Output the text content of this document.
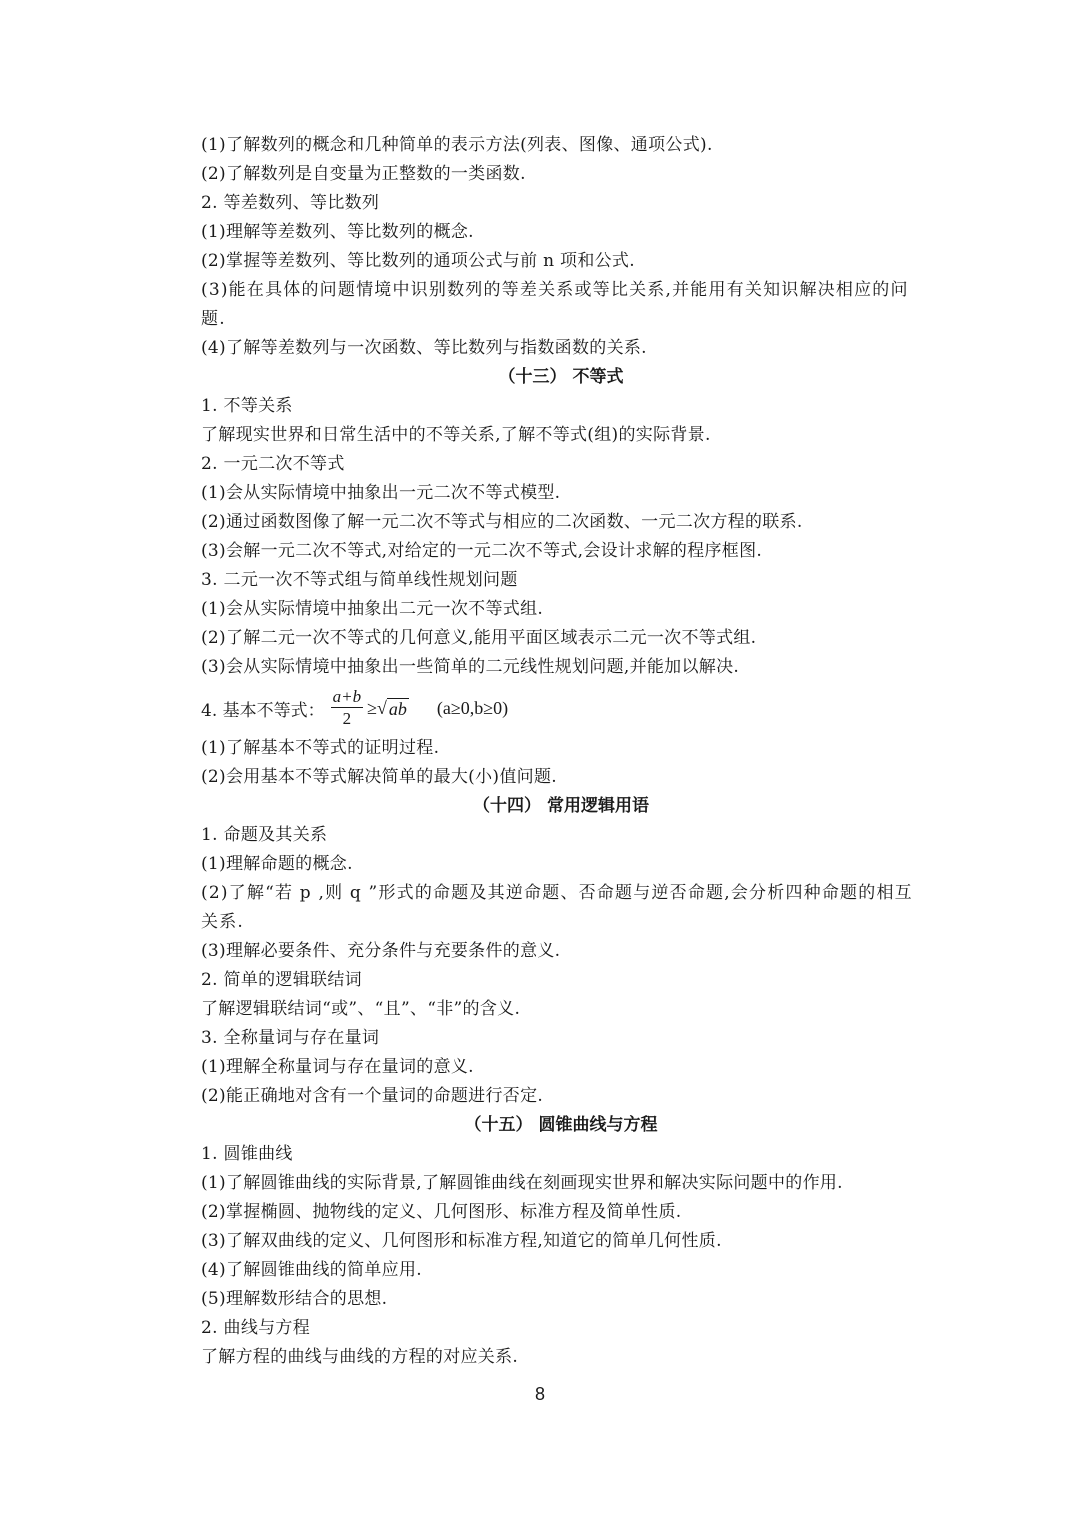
(1)了解数列的概念和几种简单的表示方法(列表、图像、通项公式).
(2)了解数列是自变量为正整数的一类函数.
2. 等差数列、等比数列
(1)理解等差数列、等比数列的概念.
(2)掌握等差数列、等比数列的通项公式与前 n 项和公式.
(3)能在具体的问题情境中识别数列的等差关系或等比关系,并能用有关知识解决相应的问题.
(4)了解等差数列与一次函数、等比数列与指数函数的关系.
（十三） 不等式
1. 不等关系
了解现实世界和日常生活中的不等关系,了解不等式(组)的实际背景.
2. 一元二次不等式
(1)会从实际情境中抽象出一元二次不等式模型.
(2)通过函数图像了解一元二次不等式与相应的二次函数、一元二次方程的联系.
(3)会解一元二次不等式,对给定的一元二次不等式,会设计求解的程序框图.
3. 二元一次不等式组与简单线性规划问题
(1)会从实际情境中抽象出二元一次不等式组.
(2)了解二元一次不等式的几何意义,能用平面区域表示二元一次不等式组.
(3)会从实际情境中抽象出一些简单的二元线性规划问题,并能加以解决.
4. 基本不等式： $\frac{a+b}{2}$ ≥ √ ab (a≥0,b≥0)
(1)了解基本不等式的证明过程.
(2)会用基本不等式解决简单的最大(小)值问题.
（十四） 常用逻辑用语
1. 命题及其关系
(1)理解命题的概念.
(2)了解“若 p ,则 q ”形式的命题及其逆命题、否命题与逆否命题,会分析四种命题的相互关系.
(3)理解必要条件、充分条件与充要条件的意义.
2. 简单的逻辑联结词
了解逻辑联结词“或”、“且”、“非”的含义.
3. 全称量词与存在量词
(1)理解全称量词与存在量词的意义.
(2)能正确地对含有一个量词的命题进行否定.
（十五） 圆锥曲线与方程
1. 圆锥曲线
(1)了解圆锥曲线的实际背景,了解圆锥曲线在刻画现实世界和解决实际问题中的作用.
(2)掌握椭圆、抛物线的定义、几何图形、标准方程及简单性质.
(3)了解双曲线的定义、几何图形和标准方程,知道它的简单几何性质.
(4)了解圆锥曲线的简单应用.
(5)理解数形结合的思想.
2. 曲线与方程
了解方程的曲线与曲线的方程的对应关系.
8
